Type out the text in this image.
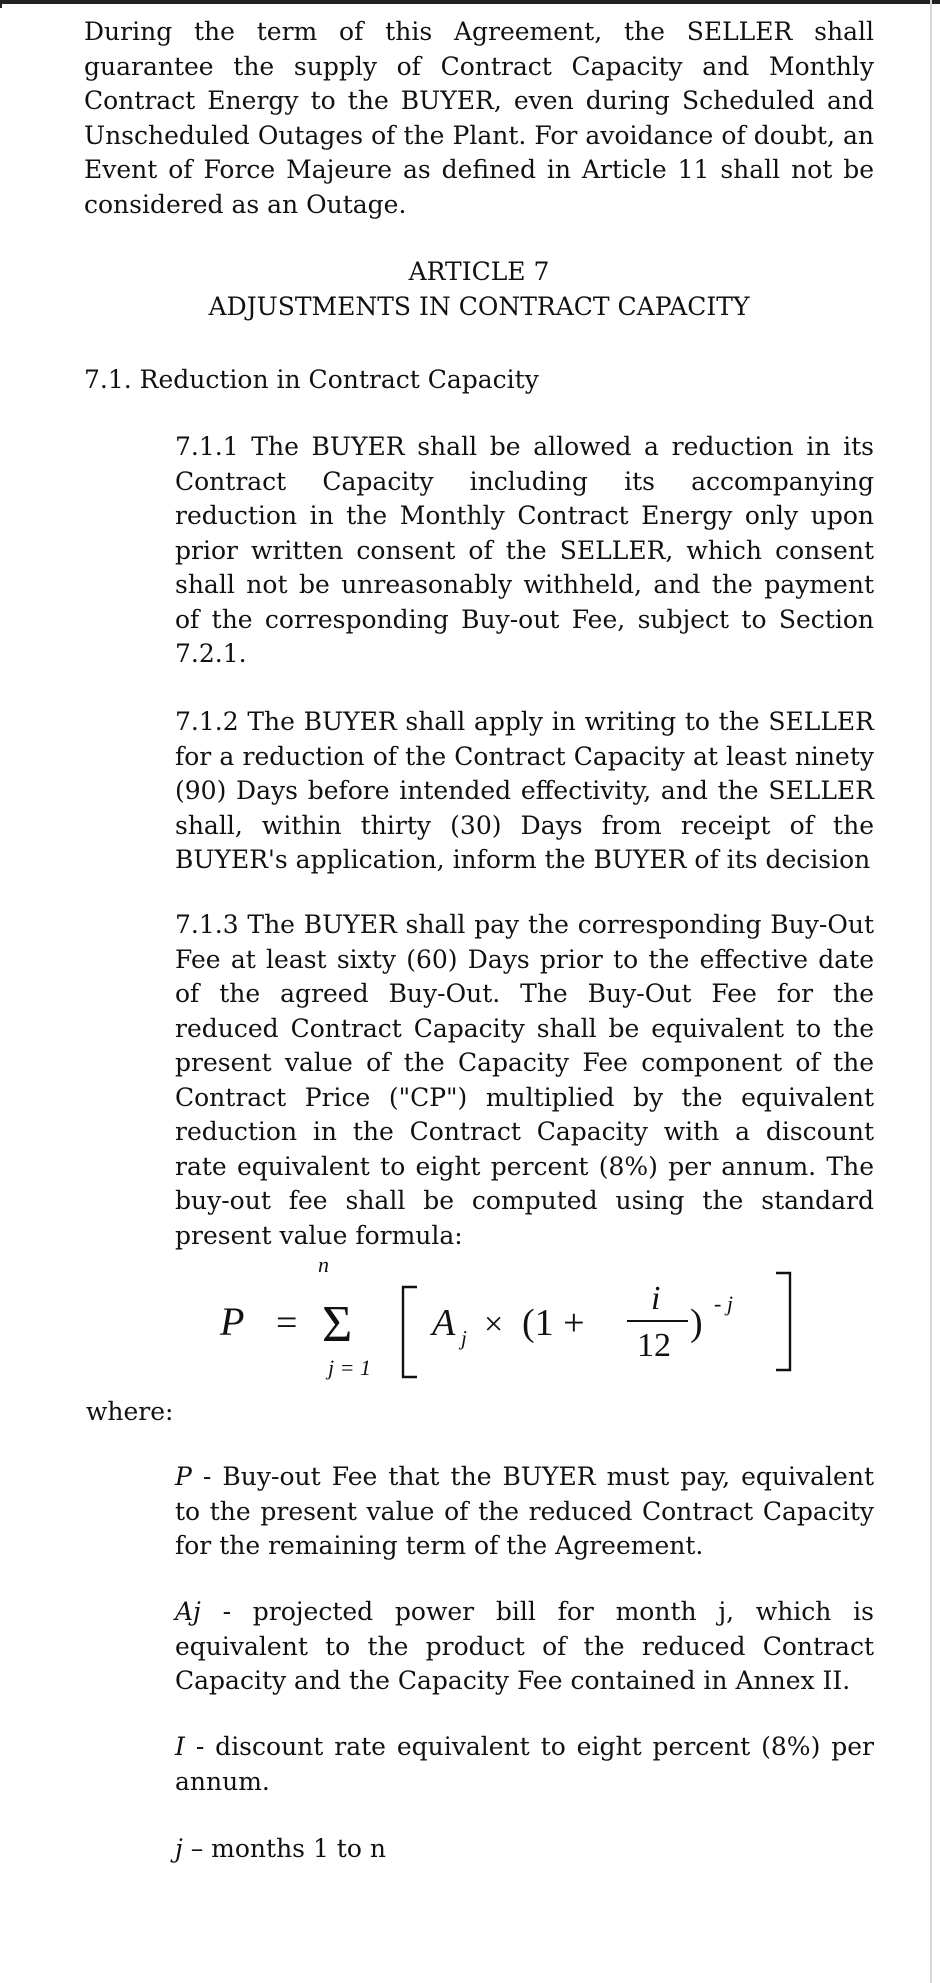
During the term of this Agreement, the SELLER shall guarantee the supply of Contract Capacity and Monthly Contract Energy to the BUYER, even during Scheduled and Unscheduled Outages of the Plant. For avoidance of doubt, an Event of Force Majeure as defined in Article 11 shall not be considered as an Outage.

ARTICLE 7

ADJUSTMENTS IN CONTRACT CAPACITY

7.1. Reduction in Contract Capacity

7.1.1 The BUYER shall be allowed a reduction in its Contract Capacity including its accompanying reduction in the Monthly Contract Energy only upon prior written consent of the SELLER, which consent shall not be unreasonably withheld, and the payment of the corresponding Buy-out Fee, subject to Section 7.2.1.

7.1.2 The BUYER shall apply in writing to the SELLER for a reduction of the Contract Capacity at least ninety (90) Days before intended effectivity, and the SELLER shall, within thirty (30) Days from receipt of the BUYER's application, inform the BUYER of its decision

7.1.3 The BUYER shall pay the corresponding Buy-Out Fee at least sixty (60) Days prior to the effective date of the agreed Buy-Out. The Buy-Out Fee for the reduced Contract Capacity shall be equivalent to the present value of the Capacity Fee component of the Contract Price ("CP") multiplied by the equivalent reduction in the Contract Capacity with a discount rate equivalent to eight percent (8%) per annum. The buy-out fee shall be computed using the standard present value formula:

P =
n
Σ
j = 1
A j × (1 +
i
12
) - j

where:

P - Buy-out Fee that the BUYER must pay, equivalent to the present value of the reduced Contract Capacity for the remaining term of the Agreement.

Aj - projected power bill for month j, which is equivalent to the product of the reduced Contract Capacity and the Capacity Fee contained in Annex II.

I - discount rate equivalent to eight percent (8%) per annum.

j – months 1 to n
